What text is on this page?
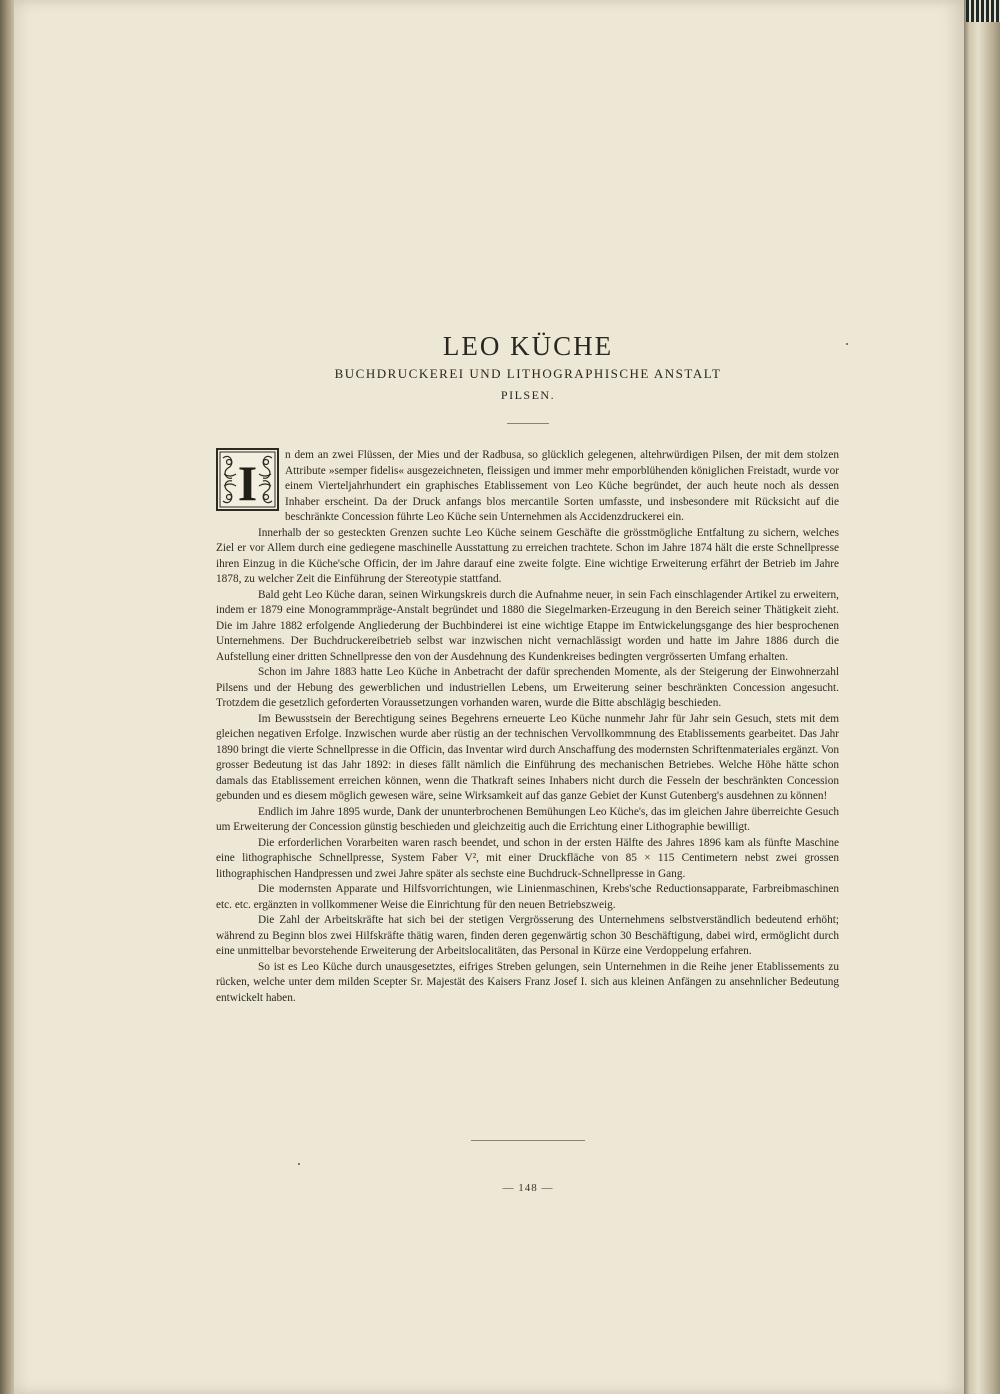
LEO KÜCHE
BUCHDRUCKEREI UND LITHOGRAPHISCHE ANSTALT
PILSEN.
I	n dem an zwei Flüssen, der Mies und der Radbusa, so glücklich gelegenen, altehrwürdigen Pilsen, der mit dem stolzen Attribute »semper fidelis« ausgezeichneten, fleissigen und immer mehr emporblühenden königlichen Freistadt, wurde vor einem Vierteljahrhundert ein graphisches Etablissement von Leo Küche begründet, der auch heute noch als dessen Inhaber erscheint. Da der Druck anfangs blos mercantile Sorten umfasste, und insbesondere mit Rücksicht auf die beschränkte Concession führte Leo Küche sein Unternehmen als Accidenzdruckerei ein.

Innerhalb der so gesteckten Grenzen suchte Leo Küche seinem Geschäfte die grösstmögliche Entfaltung zu sichern, welches Ziel er vor Allem durch eine gediegene maschinelle Ausstattung zu erreichen trachtete. Schon im Jahre 1874 hält die erste Schnellpresse ihren Einzug in die Küche'sche Officin, der im Jahre darauf eine zweite folgte. Eine wichtige Erweiterung erfährt der Betrieb im Jahre 1878, zu welcher Zeit die Einführung der Stereotypie stattfand.

Bald geht Leo Küche daran, seinen Wirkungskreis durch die Aufnahme neuer, in sein Fach einschlagender Artikel zu erweitern, indem er 1879 eine Monogrammpräge-Anstalt begründet und 1880 die Siegelmarken-Erzeugung in den Bereich seiner Thätigkeit zieht. Die im Jahre 1882 erfolgende Angliederung der Buchbinderei ist eine wichtige Etappe im Entwickelungsgange des hier besprochenen Unternehmens. Der Buchdruckereibetrieb selbst war inzwischen nicht vernachlässigt worden und hatte im Jahre 1886 durch die Aufstellung einer dritten Schnellpresse den von der Ausdehnung des Kundenkreises bedingten vergrösserten Umfang erhalten.

Schon im Jahre 1883 hatte Leo Küche in Anbetracht der dafür sprechenden Momente, als der Steigerung der Einwohnerzahl Pilsens und der Hebung des gewerblichen und industriellen Lebens, um Erweiterung seiner beschränkten Concession angesucht. Trotzdem die gesetzlich geforderten Voraussetzungen vorhanden waren, wurde die Bitte abschlägig beschieden.

Im Bewusstsein der Berechtigung seines Begehrens erneuerte Leo Küche nunmehr Jahr für Jahr sein Gesuch, stets mit dem gleichen negativen Erfolge. Inzwischen wurde aber rüstig an der technischen Vervollkommnung des Etablissements gearbeitet. Das Jahr 1890 bringt die vierte Schnellpresse in die Officin, das Inventar wird durch Anschaffung des modernsten Schriftenmateriales ergänzt. Von grosser Bedeutung ist das Jahr 1892: in dieses fällt nämlich die Einführung des mechanischen Betriebes. Welche Höhe hätte schon damals das Etablissement erreichen können, wenn die Thatkraft seines Inhabers nicht durch die Fesseln der beschränkten Concession gebunden und es diesem möglich gewesen wäre, seine Wirksamkeit auf das ganze Gebiet der Kunst Gutenberg's ausdehnen zu können!

Endlich im Jahre 1895 wurde, Dank der ununterbrochenen Bemühungen Leo Küche's, das im gleichen Jahre überreichte Gesuch um Erweiterung der Concession günstig beschieden und gleichzeitig auch die Errichtung einer Lithographie bewilligt.

Die erforderlichen Vorarbeiten waren rasch beendet, und schon in der ersten Hälfte des Jahres 1896 kam als fünfte Maschine eine lithographische Schnellpresse, System Faber V², mit einer Druckfläche von 85 × 115 Centimetern nebst zwei grossen lithographischen Handpressen und zwei Jahre später als sechste eine Buchdruck-Schnellpresse in Gang.

Die modernsten Apparate und Hilfsvorrichtungen, wie Linienmaschinen, Krebs'sche Reductionsapparate, Farbreibmaschinen etc. etc. ergänzten in vollkommener Weise die Einrichtung für den neuen Betriebszweig.

Die Zahl der Arbeitskräfte hat sich bei der stetigen Vergrösserung des Unternehmens selbstverständlich bedeutend erhöht; während zu Beginn blos zwei Hilfskräfte thätig waren, finden deren gegenwärtig schon 30 Beschäftigung, dabei wird, ermöglicht durch eine unmittelbar bevorstehende Erweiterung der Arbeitslocalitäten, das Personal in Kürze eine Verdoppelung erfahren.

So ist es Leo Küche durch unausgesetztes, eifriges Streben gelungen, sein Unternehmen in die Reihe jener Etablissements zu rücken, welche unter dem milden Scepter Sr. Majestät des Kaisers Franz Josef I. sich aus kleinen Anfängen zu ansehnlicher Bedeutung entwickelt haben.

— 148 —
